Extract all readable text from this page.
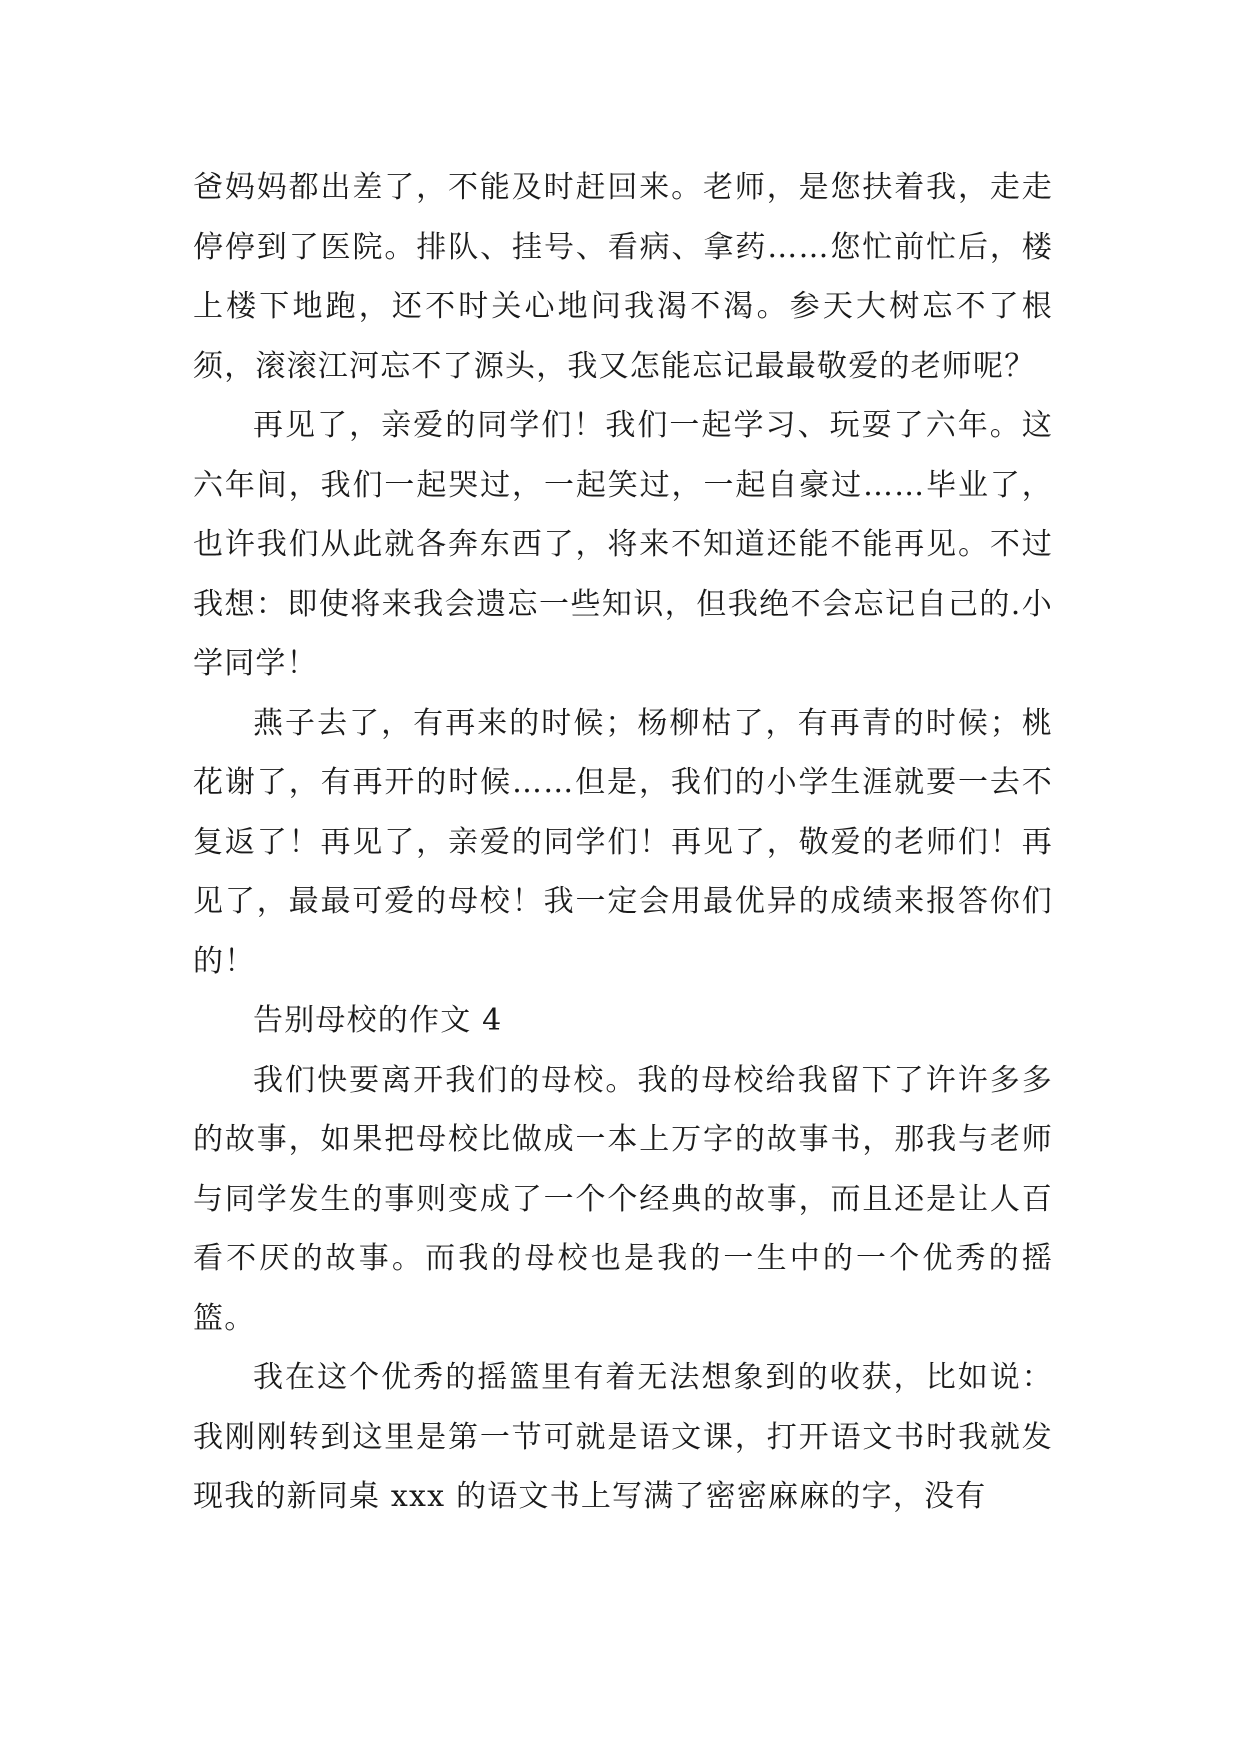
爸妈妈都出差了，不能及时赶回来。老师，是您扶着我，走走停停到了医院。排队、挂号、看病、拿药……您忙前忙后，楼上楼下地跑，还不时关心地问我渴不渴。参天大树忘不了根须，滚滚江河忘不了源头，我又怎能忘记最最敬爱的老师呢？

再见了，亲爱的同学们！我们一起学习、玩耍了六年。这六年间，我们一起哭过，一起笑过，一起自豪过……毕业了，也许我们从此就各奔东西了，将来不知道还能不能再见。不过我想：即使将来我会遗忘一些知识，但我绝不会忘记自己的.小学同学！

燕子去了，有再来的时候；杨柳枯了，有再青的时候；桃花谢了，有再开的时候……但是，我们的小学生涯就要一去不复返了！再见了，亲爱的同学们！再见了，敬爱的老师们！再见了，最最可爱的母校！我一定会用最优异的成绩来报答你们的！

告别母校的作文 4

我们快要离开我们的母校。我的母校给我留下了许许多多的故事，如果把母校比做成一本上万字的故事书，那我与老师与同学发生的事则变成了一个个经典的故事，而且还是让人百看不厌的故事。而我的母校也是我的一生中的一个优秀的摇篮。

我在这个优秀的摇篮里有着无法想象到的收获，比如说：我刚刚转到这里是第一节可就是语文课，打开语文书时我就发现我的新同桌 xxx 的语文书上写满了密密麻麻的字，没有
